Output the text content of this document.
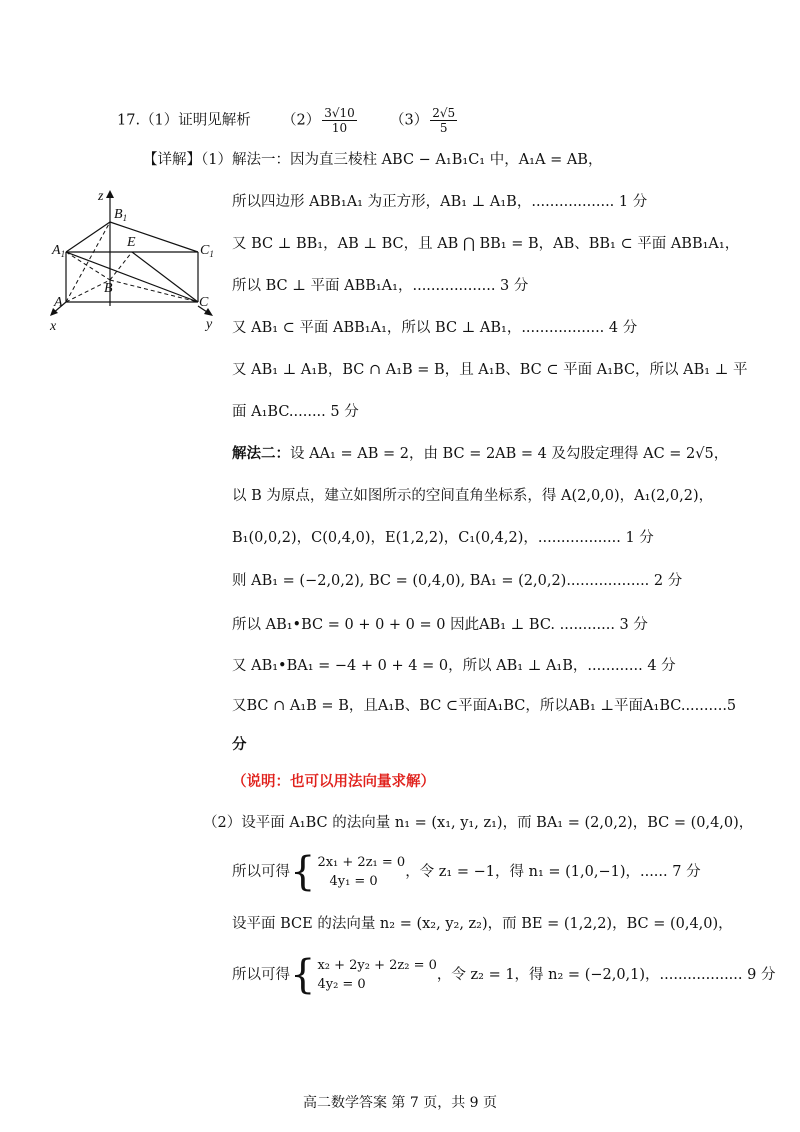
17.（1）证明见解析 $(2) \frac{3√10}{10} (3) \frac{2√5}{5}$
【详解】（1）解法一：因为直三棱柱 ABC − A₁B₁C₁ 中，A₁A = AB，
z
$B_1$
$A_1$
E
$C_1$
B
A	C
x	y
所以四边形 ABB₁A₁ 为正方形，AB₁ ⊥ A₁B，.................. 1 分
又 BC ⊥ BB₁，AB ⊥ BC，且 AB ⋂ BB₁ = B，AB、BB₁ ⊂ 平面 ABB₁A₁，
所以 BC ⊥ 平面 ABB₁A₁，.................. 3 分
又 AB₁ ⊂ 平面 ABB₁A₁，所以 BC ⊥ AB₁，.................. 4 分
又 AB₁ ⊥ A₁B，BC ∩ A₁B = B，且 A₁B、BC ⊂ 平面 A₁BC，所以 AB₁ ⊥ 平
面 A₁BC........ 5 分
解法二：设 AA₁ = AB = 2，由 BC = 2AB = 4 及勾股定理得 AC = 2√5，
以 B 为原点，建立如图所示的空间直角坐标系，得 A(2,0,0)，A₁(2,0,2)，
B₁(0,0,2)，C(0,4,0)，E(1,2,2)，C₁(0,4,2)，.................. 1 分
则 AB₁ = (−2,0,2), BC = (0,4,0), BA₁ = (2,0,2).................. 2 分
所以 AB₁•BC = 0 + 0 + 0 = 0 因此AB₁ ⊥ BC. ............ 3 分
又 AB₁•BA₁ = −4 + 0 + 4 = 0，所以 AB₁ ⊥ A₁B，............ 4 分
又BC ∩ A₁B = B，且A₁B、BC ⊂平面A₁BC，所以AB₁ ⊥平面A₁BC..........5
分
（说明：也可以用法向量求解）
（2）设平面 A₁BC 的法向量 n₁ = (x₁, y₁, z₁)，而 BA₁ = (2,0,2)，BC = (0,4,0)，
所以可得{ 2x₁ + 2z₁ = 0
4y₁ = 0
，令 z₁ = −1，得 n₁ = (1,0,−1)，...... 7 分
设平面 BCE 的法向量 n₂ = (x₂, y₂, z₂)，而 BE = (1,2,2)，BC = (0,4,0)，
所以可得{ x₂ + 2y₂ + 2z₂ = 0
4y₂ = 0
，令 z₂ = 1，得 n₂ = (−2,0,1)，.................. 9 分
高二数学答案 第 7 页，共 9 页
